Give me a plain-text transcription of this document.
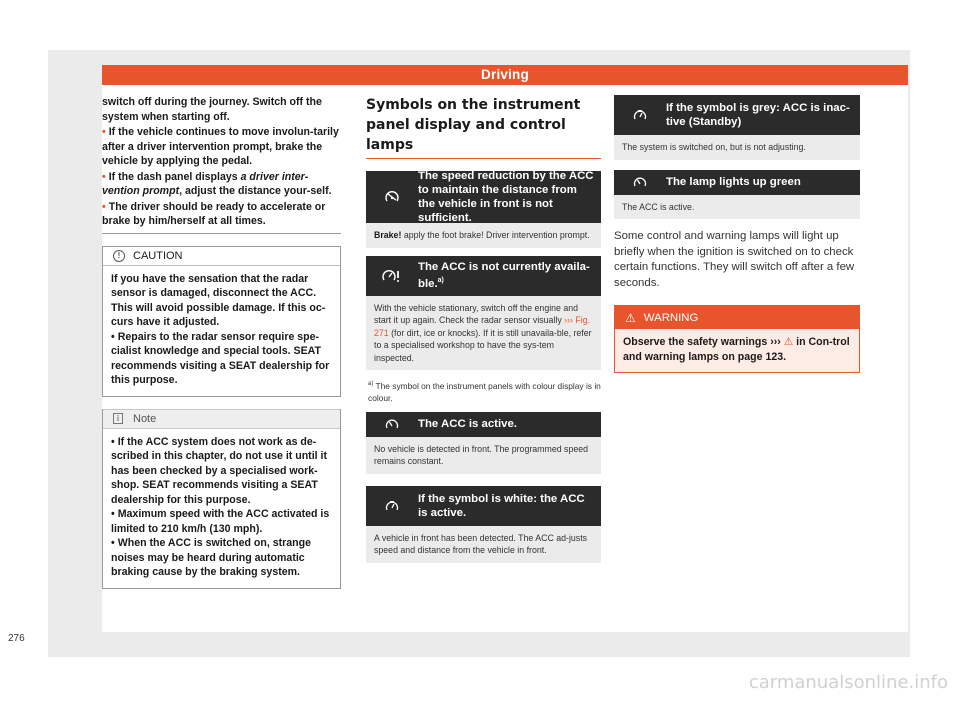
Driving
switch off during the journey. Switch off the system when starting off.
• If the vehicle continues to move involun-tarily after a driver intervention prompt, brake the vehicle by applying the pedal.
• If the dash panel displays a driver inter-vention prompt, adjust the distance your-self.
• The driver should be ready to accelerate or brake by him/herself at all times.
!	CAUTION
If you have the sensation that the radar sensor is damaged, disconnect the ACC. This will avoid possible damage. If this oc-curs have it adjusted.
• Repairs to the radar sensor require spe-cialist knowledge and special tools. SEAT recommends visiting a SEAT dealership for this purpose.
i	Note
• If the ACC system does not work as de-scribed in this chapter, do not use it until it has been checked by a specialised work-shop. SEAT recommends visiting a SEAT dealership for this purpose.
• Maximum speed with the ACC activated is limited to 210 km/h (130 mph).
• When the ACC is switched on, strange noises may be heard during automatic braking cause by the braking system.
Symbols on the instrument panel display and control lamps
The speed reduction by the ACC to maintain the distance from the vehicle in front is not sufficient.
Brake! apply the foot brake! Driver intervention prompt.
The ACC is not currently availa-ble.$^{a)}$
With the vehicle stationary, switch off the engine and start it up again. Check the radar sensor visually ››› Fig. 271 (for dirt, ice or knocks). If it is still unavaila-ble, refer to a specialised workshop to have the sys-tem inspected.
$^{a)}$ The symbol on the instrument panels with colour display is in colour.
The ACC is active.
No vehicle is detected in front. The programmed speed remains constant.
If the symbol is white: the ACC is active.
A vehicle in front has been detected. The ACC ad-justs speed and distance from the vehicle in front.
If the symbol is grey: ACC is inac-tive (Standby)
The system is switched on, but is not adjusting.
The lamp lights up green
The ACC is active.
Some control and warning lamps will light up briefly when the ignition is switched on to check certain functions. They will switch off after a few seconds.
⚠ WARNING
Observe the safety warnings ››› ⚠ in Con-trol and warning lamps on page 123.
276
carmanualsonline.info
